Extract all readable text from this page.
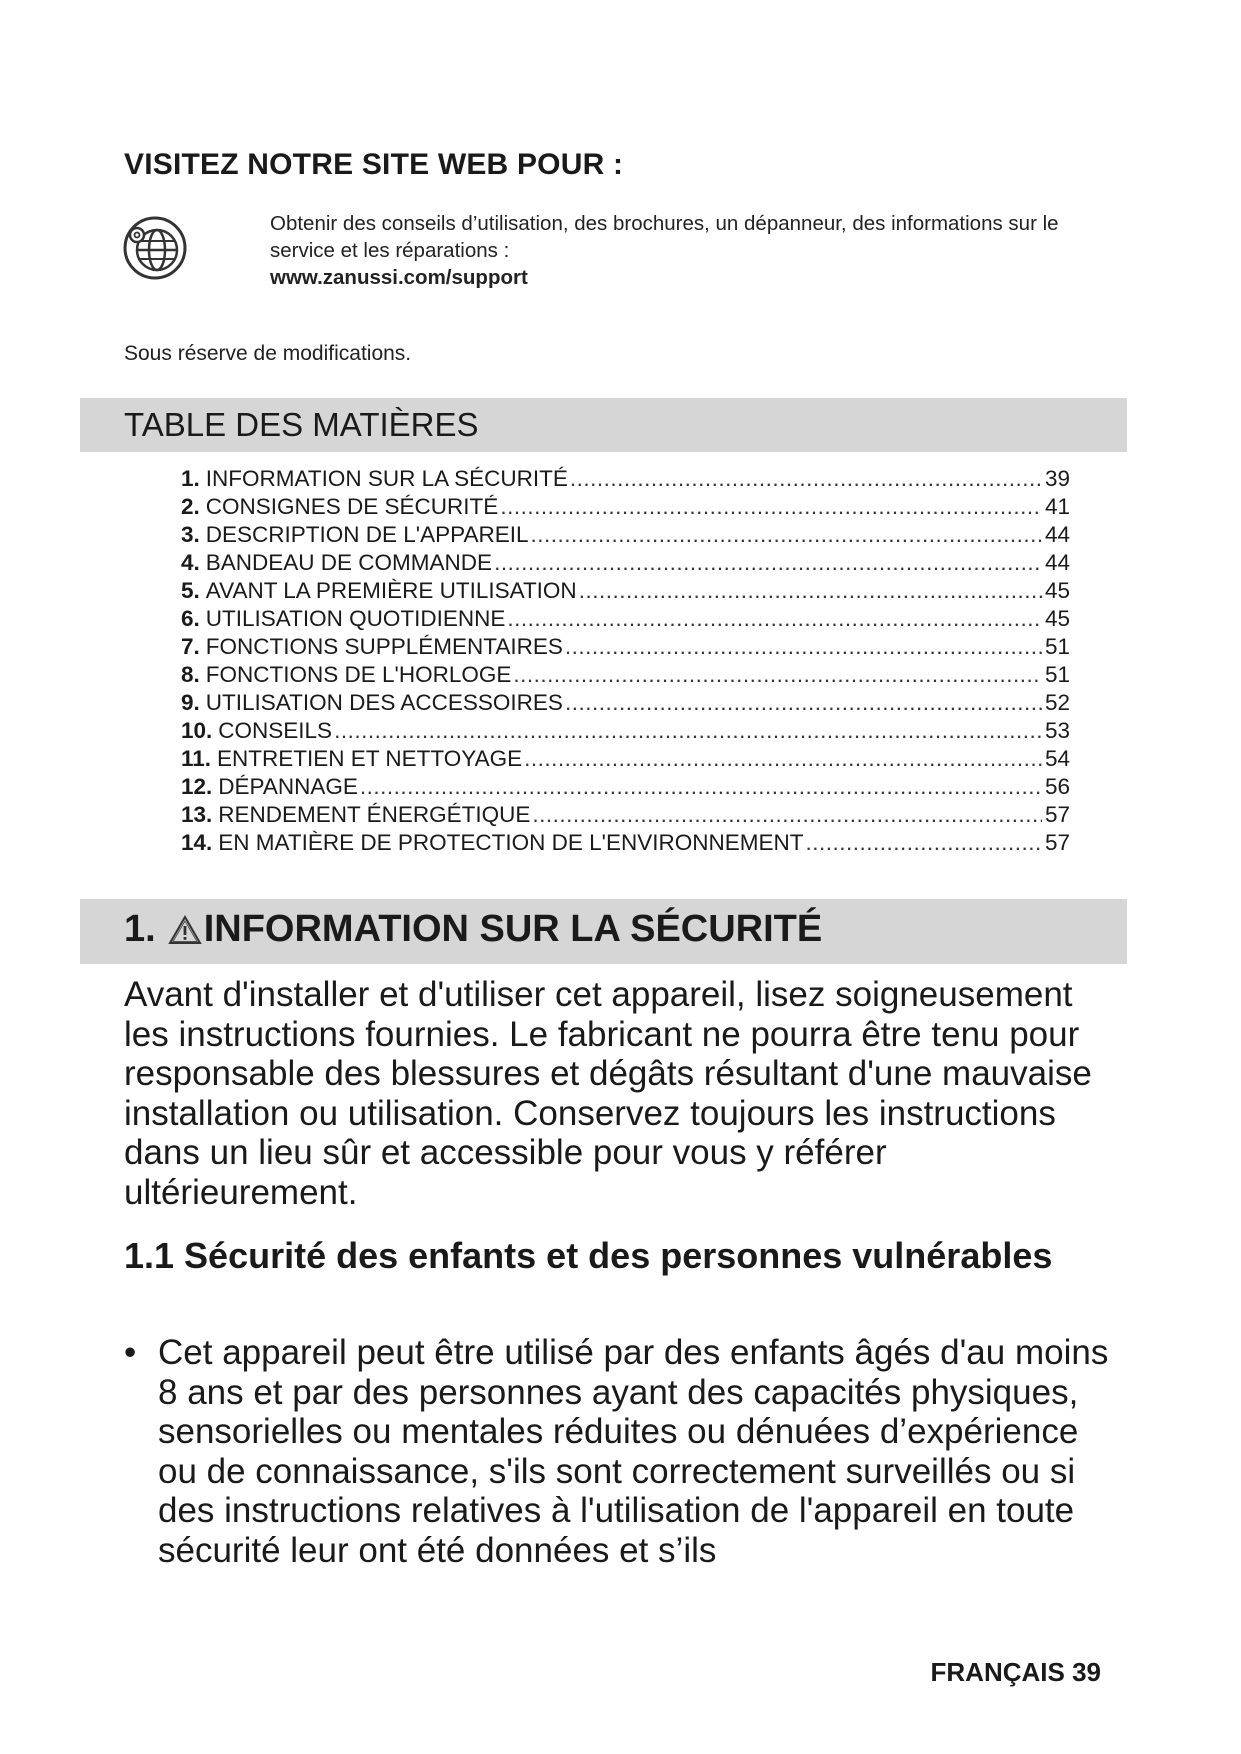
VISITEZ NOTRE SITE WEB POUR :
Obtenir des conseils d’utilisation, des brochures, un dépanneur, des informations sur le service et les réparations :
www.zanussi.com/support
Sous réserve de modifications.
TABLE DES MATIÈRES
1. INFORMATION SUR LA SÉCURITÉ .....	39
2. CONSIGNES DE SÉCURITÉ .....	41
3. DESCRIPTION DE L'APPAREIL .....	44
4. BANDEAU DE COMMANDE .....	44
5. AVANT LA PREMIÈRE UTILISATION .....	45
6. UTILISATION QUOTIDIENNE .....	45
7. FONCTIONS SUPPLÉMENTAIRES .....	51
8. FONCTIONS DE L'HORLOGE .....	51
9. UTILISATION DES ACCESSOIRES .....	52
10. CONSEILS .....	53
11. ENTRETIEN ET NETTOYAGE .....	54
12. DÉPANNAGE .....	56
13. RENDEMENT ÉNERGÉTIQUE .....	57
14. EN MATIÈRE DE PROTECTION DE L'ENVIRONNEMENT .....	57
1. INFORMATION SUR LA SÉCURITÉ
Avant d'installer et d'utiliser cet appareil, lisez soigneusement les instructions fournies. Le fabricant ne pourra être tenu pour responsable des blessures et dégâts résultant d'une mauvaise installation ou utilisation. Conservez toujours les instructions dans un lieu sûr et accessible pour vous y référer ultérieurement.
1.1 Sécurité des enfants et des personnes vulnérables
• Cet appareil peut être utilisé par des enfants âgés d'au moins 8 ans et par des personnes ayant des capacités physiques, sensorielles ou mentales réduites ou dénuées d’expérience ou de connaissance, s'ils sont correctement surveillés ou si des instructions relatives à l'utilisation de l'appareil en toute sécurité leur ont été données et s’ils
FRANÇAIS 39
